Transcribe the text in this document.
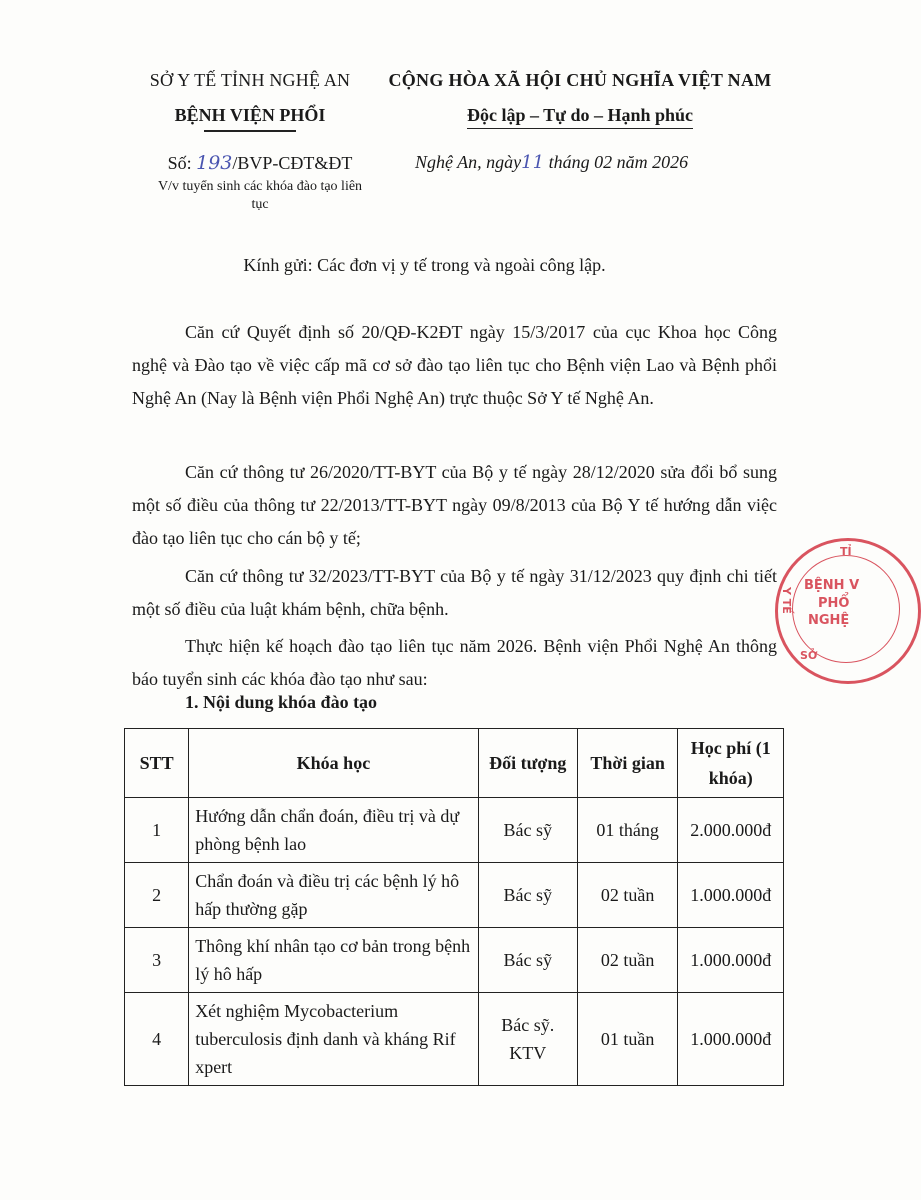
SỞ Y TẾ TỈNH NGHỆ AN
BỆNH VIỆN PHỔI
CỘNG HÒA XÃ HỘI CHỦ NGHĨA VIỆT NAM
Độc lập – Tự do – Hạnh phúc
Số: 193/BVP-CĐT&ĐT
V/v tuyển sinh các khóa đào tạo liên tục
Nghệ An, ngày11 tháng 02 năm 2026
Kính gửi: Các đơn vị y tế trong và ngoài công lập.
Căn cứ Quyết định số 20/QĐ-K2ĐT ngày 15/3/2017 của cục Khoa học Công nghệ và Đào tạo về việc cấp mã cơ sở đào tạo liên tục cho Bệnh viện Lao và Bệnh phổi Nghệ An (Nay là Bệnh viện Phổi Nghệ An) trực thuộc Sở Y tế Nghệ An.
Căn cứ thông tư 26/2020/TT-BYT của Bộ y tế ngày 28/12/2020 sửa đổi bổ sung một số điều của thông tư 22/2013/TT-BYT ngày 09/8/2013 của Bộ Y tế hướng dẫn việc đào tạo liên tục cho cán bộ y tế;
Căn cứ thông tư 32/2023/TT-BYT của Bộ y tế ngày 31/12/2023 quy định chi tiết một số điều của luật khám bệnh, chữa bệnh.
Thực hiện kế hoạch đào tạo liên tục năm 2026. Bệnh viện Phổi Nghệ An thông báo tuyển sinh các khóa đào tạo như sau:
1. Nội dung khóa đào tạo
STT	Khóa học	Đối tượng	Thời gian	Học phí (1 khóa)
1	Hướng dẫn chẩn đoán, điều trị và dự phòng bệnh lao	Bác sỹ	01 tháng	2.000.000đ
2	Chẩn đoán và điều trị các bệnh lý hô hấp thường gặp	Bác sỹ	02 tuần	1.000.000đ
3	Thông khí nhân tạo cơ bản trong bệnh lý hô hấp	Bác sỹ	02 tuần	1.000.000đ
4	Xét nghiệm Mycobacterium tuberculosis định danh và kháng Rif xpert	Bác sỹ. KTV	01 tuần	1.000.000đ
TỈ
Y TẾ
SỞ
BỆNH V
PHỔ
NGHỆ
